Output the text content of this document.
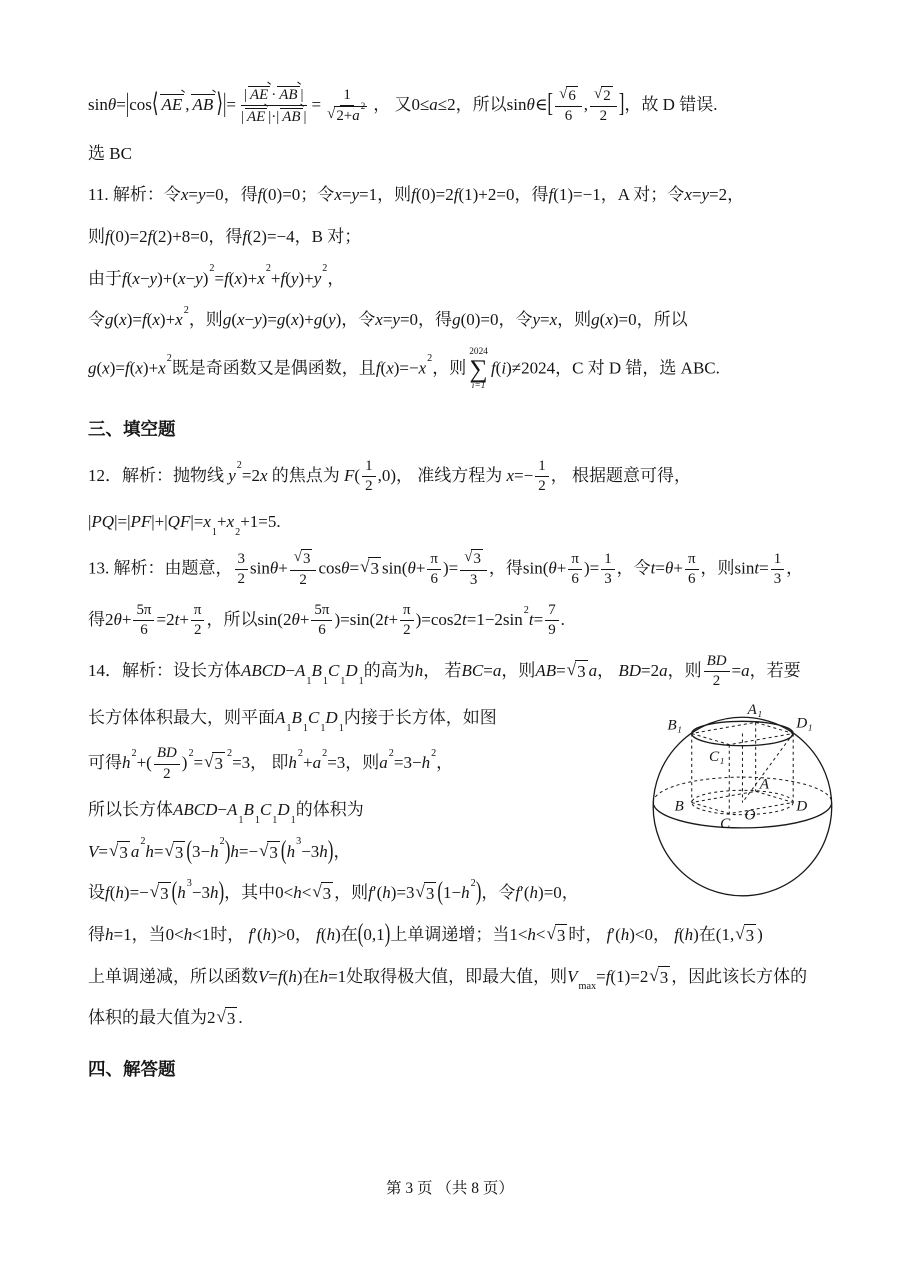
sinθ=|cos⟨ AE , AB ⟩|= $\frac{| AE \cdot AB |}{| AE |\cdot| AB |} = \frac{1}{√ 2+a^2}$ ， 又0≤a≤2，所以sinθ∈[ $\frac{√ 6}{6}$ , $\frac{√ 2}{2}$ ]，故 D 错误.
选 BC
11. 解析：令x=y=0，得f(0)=0；令x=y=1，则f(0)=2f(1)+2=0，得f(1)=−1，A 对；令x=y=2，
则f(0)=2f(2)+8=0，得f(2)=−4，B 对；
由于$f(x-y)+(x-y)^2=f(x)+x^2+f(y)+y^2$，
令$g(x)=f(x)+x^2$，则g(x−y)=g(x)+g(y)，令x=y=0，得g(0)=0，令y=x，则g(x)=0，所以
$g(x)=f(x)+x^2$既是奇函数又是偶函数，且$f(x)=-x^2$，则
2024
∑
i=1
f(i)≠2024，C 对 D 错，选 ABC.
三、填空题
12．解析：抛物线 $y^2=2x$ 的焦点为 $F( \frac{1}{2} ,0)$， 准线方程为 $x=- \frac{1}{2}$ ， 根据题意可得，
$|PQ|=|PF|+|QF|=x_1+x_2+1=5$.
13. 解析：由题意， $\frac{3}{2} \sin\theta+ \frac{√ 3}{2} \cos\theta=$ √ 3 $\sin(\theta+ \frac{\pi}{6}$ )= $\frac{√ 3}{3}$ ，得$\sin(\theta+ \frac{\pi}{6}$ )= $\frac{1}{3}$ ，令$t=\theta+ \frac{\pi}{6}$ ，则$\sin t= \frac{1}{3}$ ，
得$2\theta+ \frac{5\pi}{6} =2t+ \frac{\pi}{2}$ ，所以$\sin(2\theta+ \frac{5\pi}{6} )=\sin(2t+ \frac{\pi}{2} )=\cos 2t=1-2\sin^2t= \frac{7}{9}$ .
14．解析：设长方体$ABCD-A_1B_1C_1D_1$的高为h， 若BC=a，则AB= √ 3 a， BD=2a，则 $\frac{BD}{2} =a$，若要
B₁
A₁
D₁
C₁
B
C O
A
D
长方体体积最大，则平面$A_1B_1C_1D_1$内接于长方体，如图
可得$h^2+( \frac{BD}{2} )^2=$ √ 3
$^2$=3， 即$h^2+a^2=3$，则$a^2=3-h^2$，
所以长方体$ABCD-A_1B_1C_1D_1$的体积为
V= √ 3 $a^2h=$ √ 3 $(3-h^2)h=-$ √ 3 $(h^3-3h)$，
设f(h)=− √ 3 $(h^3-3h)$，其中0<h< √ 3 ，则f′(h)=3 √ 3 $(1-h^2)$，令f′(h)=0，
得h=1，当0<h<1时， f′(h)>0， f(h)在(0,1)上单调递增；当1<h< √ 3 时， f′(h)<0， f(h)在(1, √ 3 )
上单调递减，所以函数V=f(h)在h=1处取得极大值，即最大值，则$V_{max}=f(1)=2$ √ 3 ，因此该长方体的
体积的最大值为2 √ 3 .
四、解答题
第 3 页 （共 8 页）
